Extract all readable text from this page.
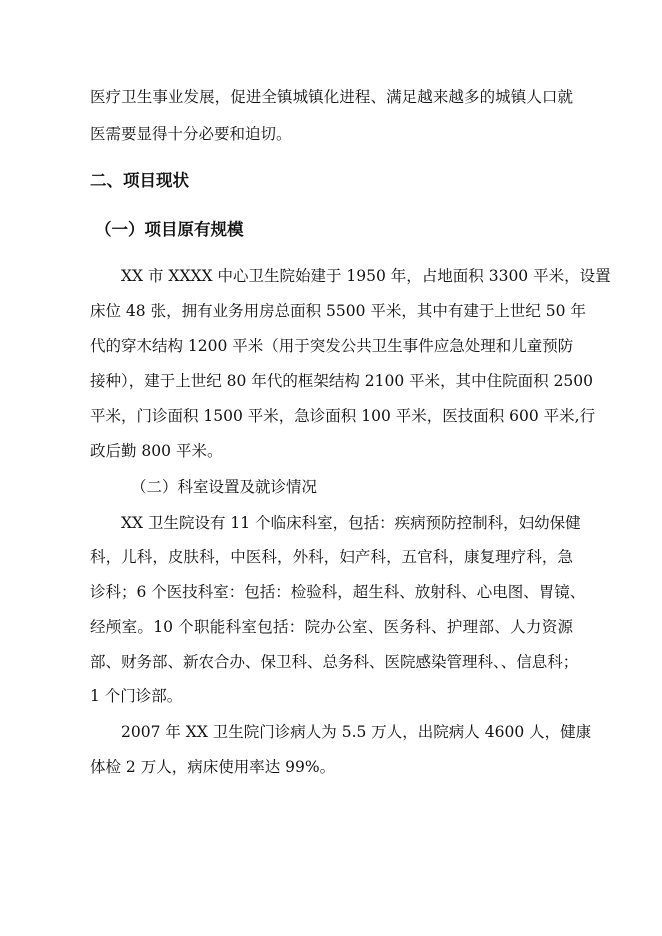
医疗卫生事业发展，促进全镇城镇化进程、满足越来越多的城镇人口就
医需要显得十分必要和迫切。
二、项目现状
（一）项目原有规模
XX 市 XXXX 中心卫生院始建于 1950 年，占地面积 3300 平米，设置
床位 48 张，拥有业务用房总面积 5500 平米，其中有建于上世纪 50 年
代的穿木结构 1200 平米（用于突发公共卫生事件应急处理和儿童预防
接种），建于上世纪 80 年代的框架结构 2100 平米，其中住院面积 2500
平米，门诊面积 1500 平米，急诊面积 100 平米，医技面积 600 平米,行
政后勤 800 平米。
（二）科室设置及就诊情况
XX 卫生院设有 11 个临床科室，包括：疾病预防控制科，妇幼保健
科，儿科，皮肤科，中医科，外科，妇产科，五官科，康复理疗科，急
诊科；6 个医技科室：包括：检验科，超生科、放射科、心电图、胃镜、
经颅室。10 个职能科室包括：院办公室、医务科、护理部、人力资源
部、财务部、新农合办、保卫科、总务科、医院感染管理科、、信息科；
1 个门诊部。
2007 年 XX 卫生院门诊病人为 5.5 万人，出院病人 4600 人，健康
体检 2 万人，病床使用率达 99%。
